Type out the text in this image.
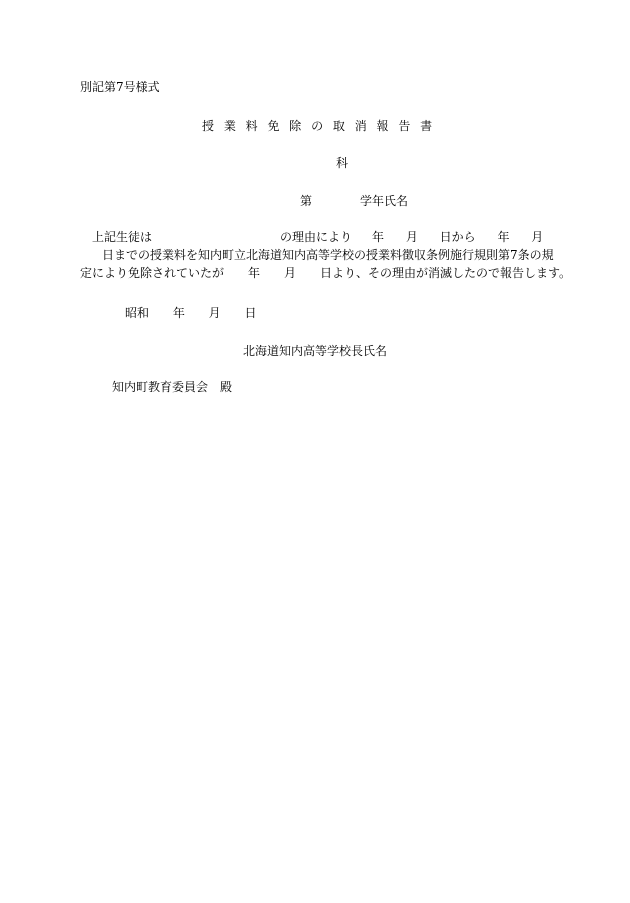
別記第7号様式

授 業 料 免 除 の 取 消 報 告 書

科

第	学年氏名

上記生徒は	の理由により 年 月 日から 年 月

日までの授業料を知内町立北海道知内高等学校の授業料徴収条例施行規則第7条の規

定により免除されていたが　　年　　月　　日より、その理由が消滅したので報告します。

昭和 年 月 日

北海道知内高等学校長氏名

知内町教育委員会　殿
